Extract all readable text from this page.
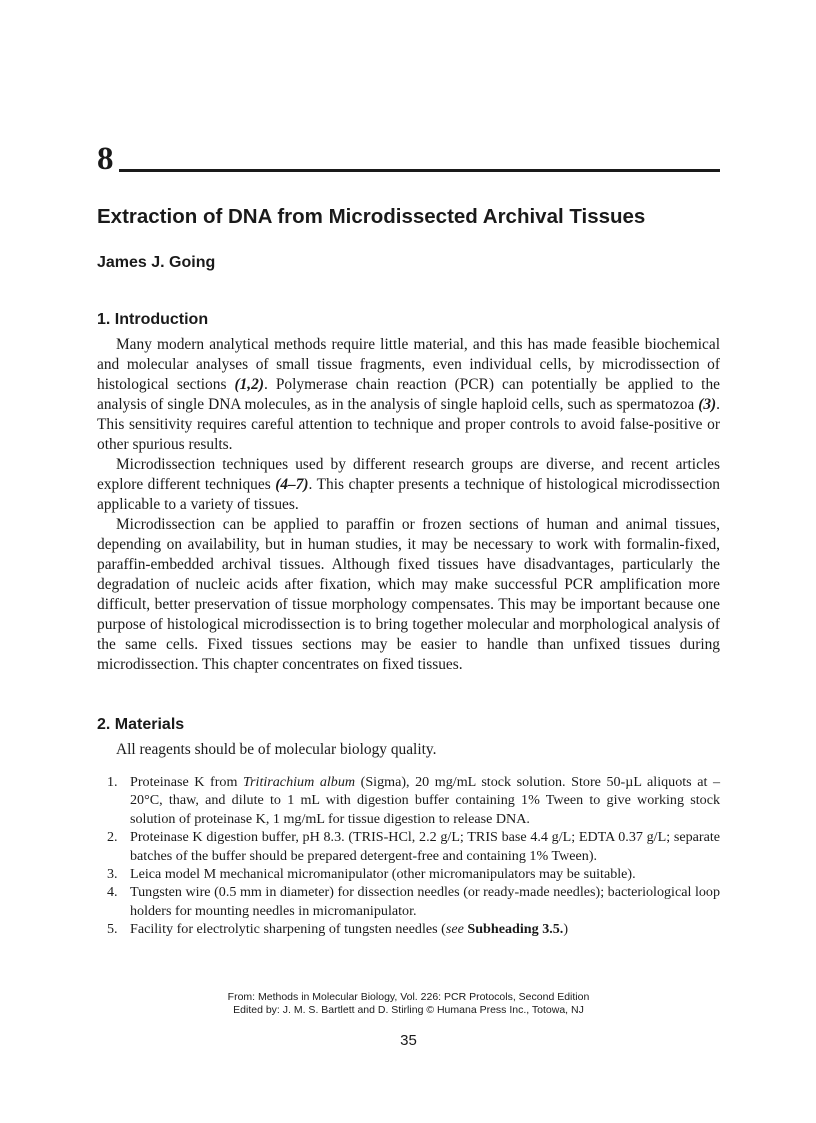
8
Extraction of DNA from Microdissected Archival Tissues
James J. Going
1. Introduction

Many modern analytical methods require little material, and this has made feasible biochemical and molecular analyses of small tissue fragments, even individual cells, by microdissection of histological sections (1,2). Polymerase chain reaction (PCR) can potentially be applied to the analysis of single DNA molecules, as in the analysis of single haploid cells, such as spermatozoa (3). This sensitivity requires careful attention to technique and proper controls to avoid false-positive or other spurious results.

Microdissection techniques used by different research groups are diverse, and recent articles explore different techniques (4–7). This chapter presents a technique of histological microdissection applicable to a variety of tissues.

Microdissection can be applied to paraffin or frozen sections of human and animal tissues, depending on availability, but in human studies, it may be necessary to work with formalin-fixed, paraffin-embedded archival tissues. Although fixed tissues have disadvantages, particularly the degradation of nucleic acids after fixation, which may make successful PCR amplification more difficult, better preservation of tissue morphology compensates. This may be important because one purpose of histological microdissection is to bring together molecular and morphological analysis of the same cells. Fixed tissues sections may be easier to handle than unfixed tissues during microdissection. This chapter concentrates on fixed tissues.

2. Materials
All reagents should be of molecular biology quality.
1. Proteinase K from Tritirachium album (Sigma), 20 mg/mL stock solution. Store 50-µL aliquots at –20°C, thaw, and dilute to 1 mL with digestion buffer containing 1% Tween to give working stock solution of proteinase K, 1 mg/mL for tissue digestion to release DNA.
2. Proteinase K digestion buffer, pH 8.3. (TRIS-HCl, 2.2 g/L; TRIS base 4.4 g/L; EDTA 0.37 g/L; separate batches of the buffer should be prepared detergent-free and containing 1% Tween).
3. Leica model M mechanical micromanipulator (other micromanipulators may be suitable).
4. Tungsten wire (0.5 mm in diameter) for dissection needles (or ready-made needles); bacteriological loop holders for mounting needles in micromanipulator.
5. Facility for electrolytic sharpening of tungsten needles (see Subheading 3.5.)
From: Methods in Molecular Biology, Vol. 226: PCR Protocols, Second Edition
Edited by: J. M. S. Bartlett and D. Stirling © Humana Press Inc., Totowa, NJ
35
